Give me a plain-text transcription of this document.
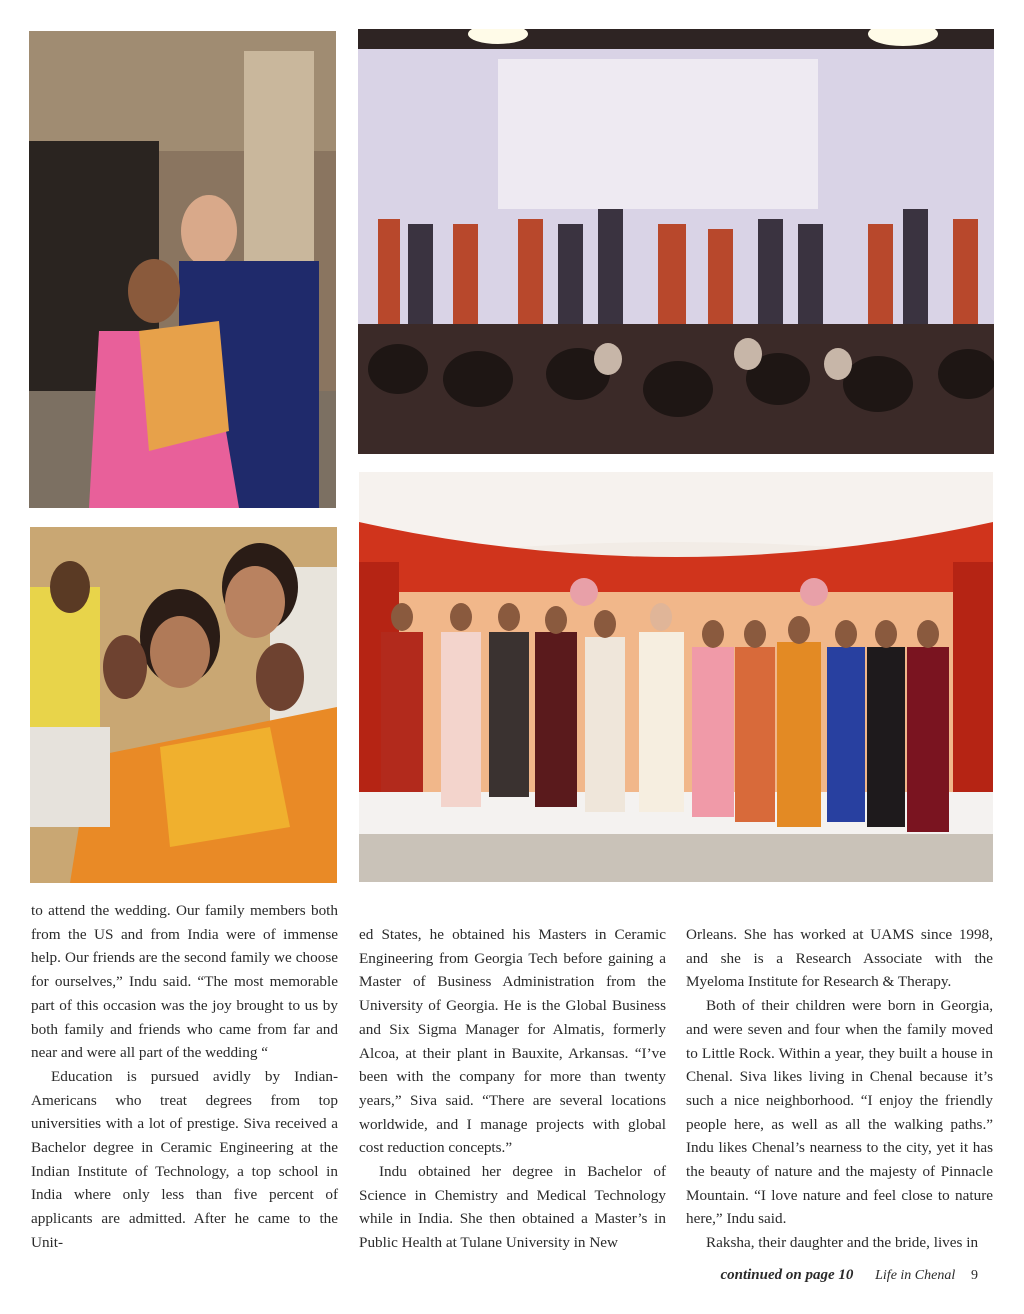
to attend the wedding. Our family members both from the US and from India were of immense help. Our friends are the second family we choose for ourselves,” Indu said. “The most memorable part of this occasion was the joy brought to us by both family and friends who came from far and near and were all part of the wedding “

Education is pursued avidly by Indian-Americans who treat degrees from top universities with a lot of prestige. Siva received a Bachelor degree in Ceramic Engineering at the Indian Institute of Technology, a top school in India where only less than five percent of applicants are admitted. After he came to the Unit-

ed States, he obtained his Masters in Ceramic Engineering from Georgia Tech before gaining a Master of Business Administration from the University of Georgia. He is the Global Business and Six Sigma Manager for Almatis, formerly Alcoa, at their plant in Bauxite, Arkansas. “I’ve been with the company for more than twenty years,” Siva said. “There are several locations worldwide, and I manage projects with global cost reduction concepts.”

Indu obtained her degree in Bachelor of Science in Chemistry and Medical Technology while in India. She then obtained a Master’s in Public Health at Tulane University in New

Orleans. She has worked at UAMS since 1998, and she is a Research Associate with the Myeloma Institute for Research & Therapy.

Both of their children were born in Georgia, and were seven and four when the family moved to Little Rock. Within a year, they built a house in Chenal. Siva likes living in Chenal because it’s such a nice neighborhood. “I enjoy the friendly people here, as well as all the walking paths.” Indu likes Chenal’s nearness to the city, yet it has the beauty of nature and the majesty of Pinnacle Mountain. “I love nature and feel close to nature here,” Indu said.

Raksha, their daughter and the bride, lives in

continued on page 10 Life in Chenal 9
